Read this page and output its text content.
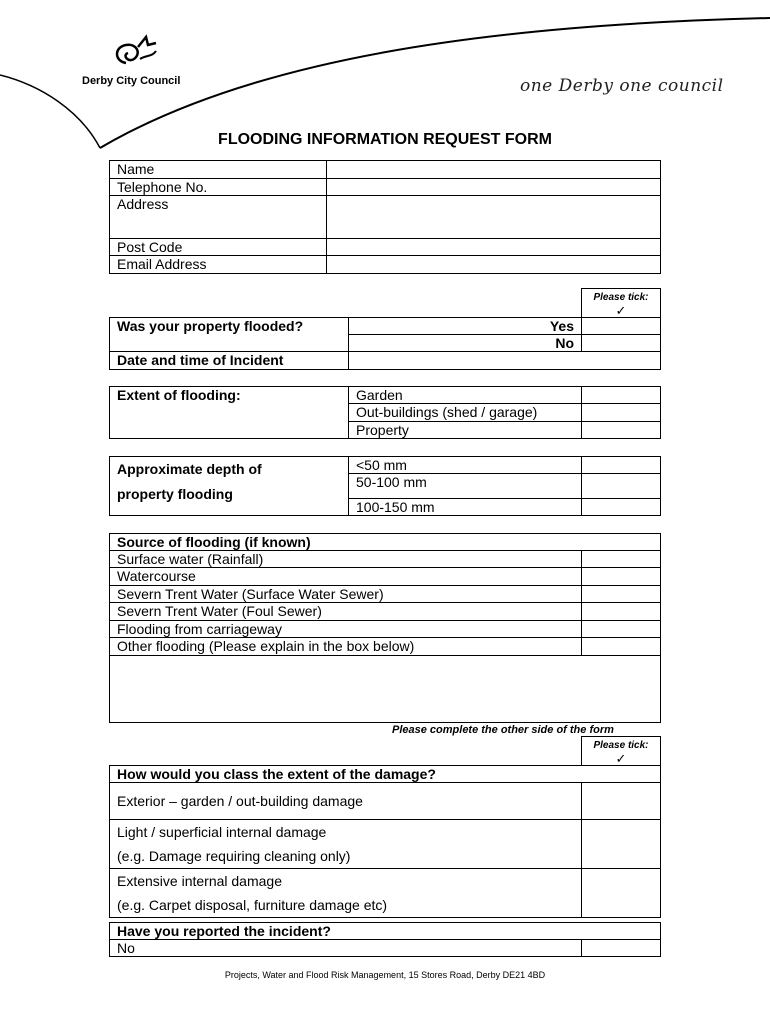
Derby City Council	one Derby one council
FLOODING INFORMATION REQUEST FORM
Name	
Telephone No.	
Address	
Post Code	
Email Address	
		Please tick:
✓
Was your property flooded?	Yes	
	No	
Date and time of Incident		
Extent of flooding:	Garden	
	Out-buildings (shed / garage)	
	Property	
Approximate depth of
property flooding	<50 mm	
	50-100 mm	
	100-150 mm	
Source of flooding (if known)	
Surface water (Rainfall)	
Watercourse	
Severn Trent Water (Surface Water Sewer)	
Severn Trent Water (Foul Sewer)	
Flooding from carriageway	
Other flooding (Please explain in the box below)	

Please complete the other side of the form
	Please tick:
✓
How would you class the extent of the damage?	
Exterior – garden / out-building damage	
Light / superficial internal damage
(e.g. Damage requiring cleaning only)	
Extensive internal damage
(e.g. Carpet disposal, furniture damage etc)	
Have you reported the incident?
No	
Projects, Water and Flood Risk Management, 15 Stores Road, Derby DE21 4BD
